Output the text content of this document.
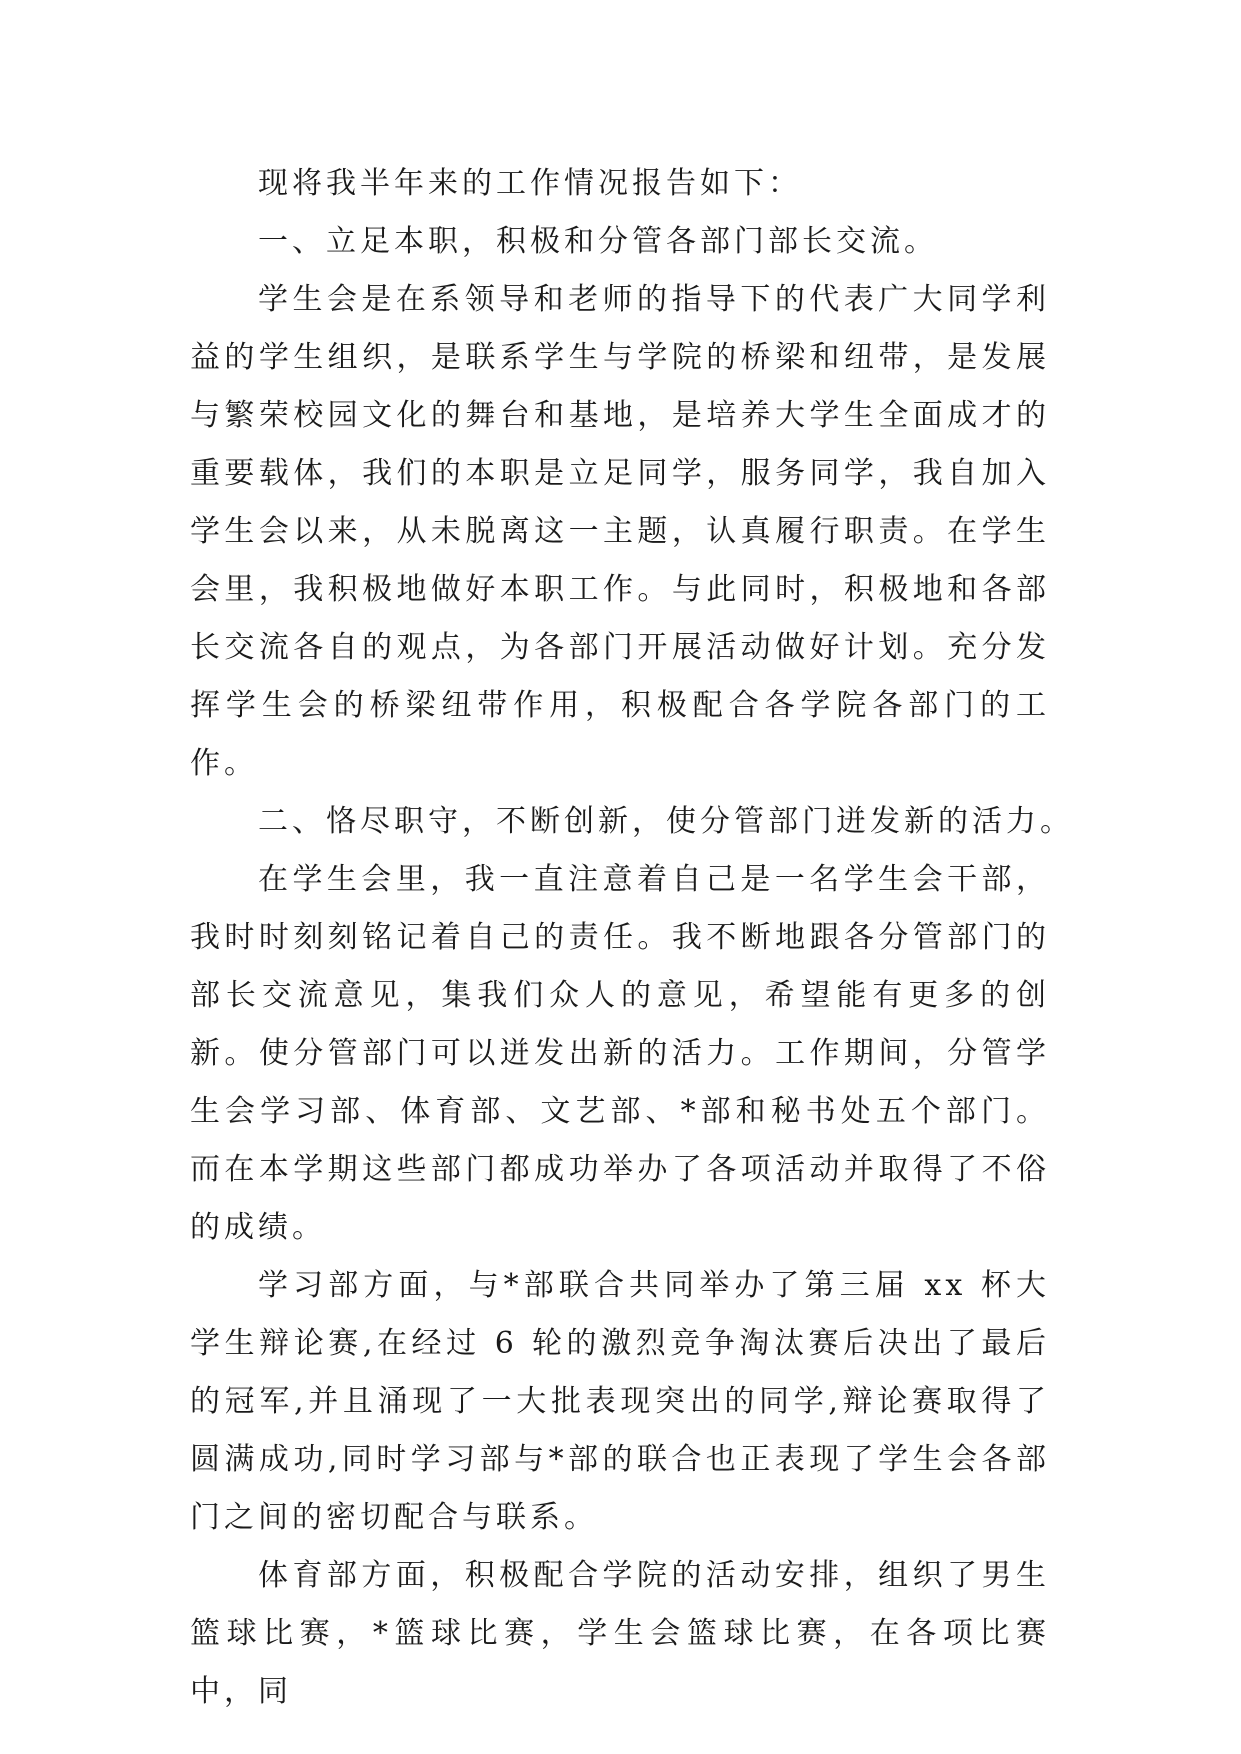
现将我半年来的工作情况报告如下：

一、立足本职，积极和分管各部门部长交流。

学生会是在系领导和老师的指导下的代表广大同学利益的学生组织，是联系学生与学院的桥梁和纽带，是发展与繁荣校园文化的舞台和基地，是培养大学生全面成才的重要载体，我们的本职是立足同学，服务同学，我自加入学生会以来，从未脱离这一主题，认真履行职责。在学生会里，我积极地做好本职工作。与此同时，积极地和各部长交流各自的观点，为各部门开展活动做好计划。充分发挥学生会的桥梁纽带作用，积极配合各学院各部门的工作。

二、恪尽职守，不断创新，使分管部门迸发新的活力。

在学生会里，我一直注意着自己是一名学生会干部，我时时刻刻铭记着自己的责任。我不断地跟各分管部门的部长交流意见，集我们众人的意见，希望能有更多的创新。使分管部门可以迸发出新的活力。工作期间，分管学生会学习部、体育部、文艺部、*部和秘书处五个部门。而在本学期这些部门都成功举办了各项活动并取得了不俗的成绩。

学习部方面，与*部联合共同举办了第三届 xx 杯大学生辩论赛,在经过 6 轮的激烈竞争淘汰赛后决出了最后的冠军,并且涌现了一大批表现突出的同学,辩论赛取得了圆满成功,同时学习部与*部的联合也正表现了学生会各部门之间的密切配合与联系。

体育部方面，积极配合学院的活动安排，组织了男生篮球比赛，*篮球比赛，学生会篮球比赛，在各项比赛中，同
